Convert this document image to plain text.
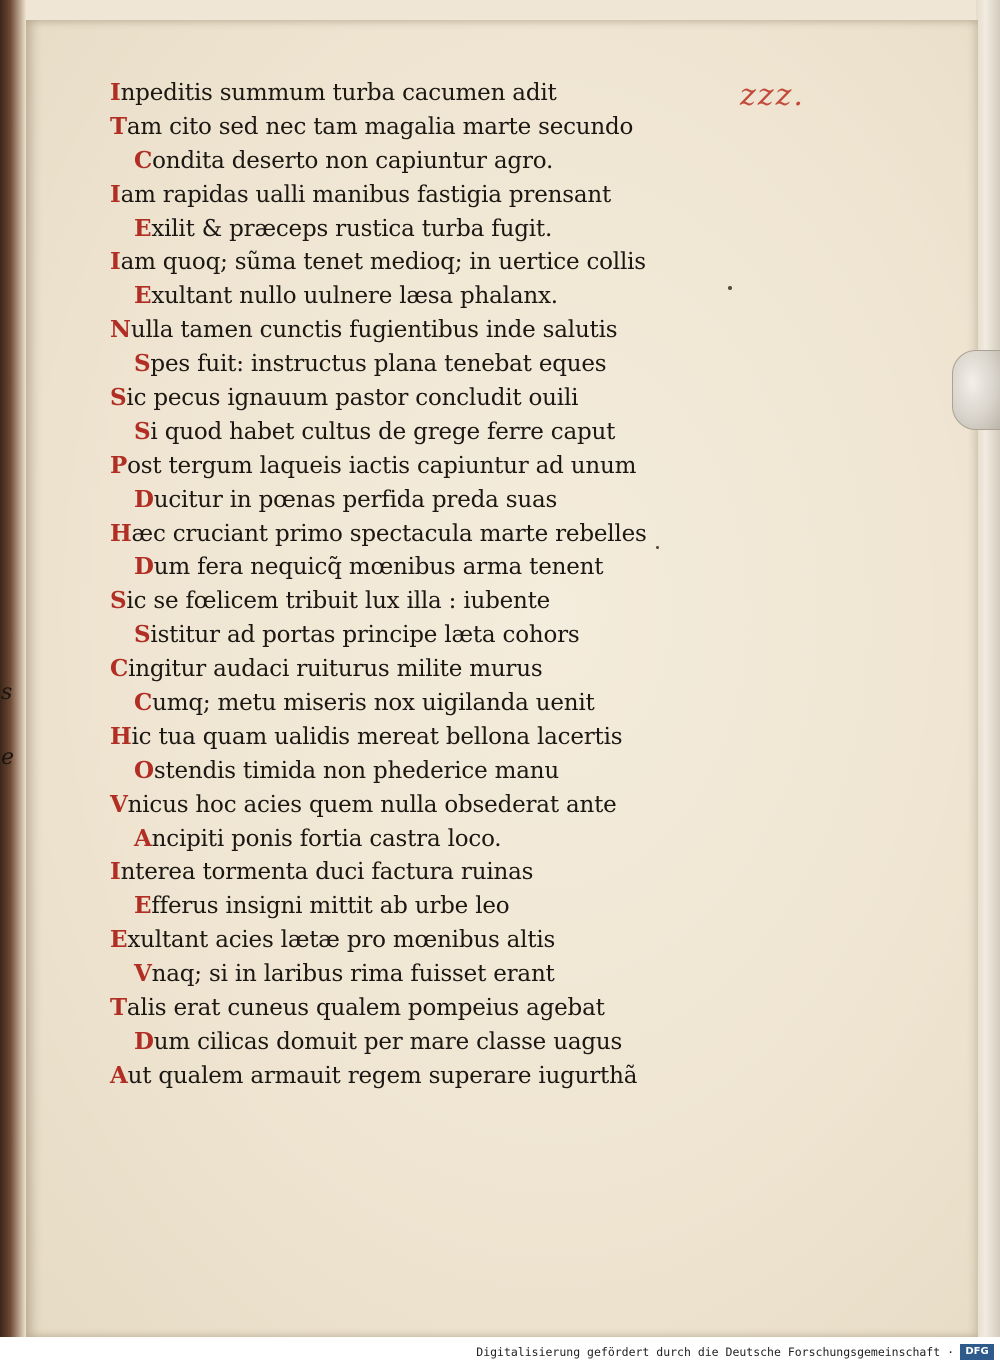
s
e
zzz.
Inpeditis summum turba cacumen adit
Tam cito sed nec tam magalia marte secundo
Condita deserto non capiuntur agro.
Iam rapidas ualli manibus fastigia prensant
Exilit & præceps rustica turba fugit.
Iam quoq; sũma tenet medioq; in uertice collis
Exultant nullo uulnere læsa phalanx.
Nulla tamen cunctis fugientibus inde salutis
Spes fuit: instructus plana tenebat eques
Sic pecus ignauum pastor concludit ouili
Si quod habet cultus de grege ferre caput
Post tergum laqueis iactis capiuntur ad unum
Ducitur in pœnas perfida preda suas
Hæc cruciant primo spectacula marte rebelles
Dum fera nequicq̃ mœnibus arma tenent
Sic se fœlicem tribuit lux illa : iubente
Sistitur ad portas principe læta cohors
Cingitur audaci ruiturus milite murus
Cumq; metu miseris nox uigilanda uenit
Hic tua quam ualidis mereat bellona lacertis
Ostendis timida non phederice manu
Vnicus hoc acies quem nulla obsederat ante
Ancipiti ponis fortia castra loco.
Interea tormenta duci factura ruinas
Efferus insigni mittit ab urbe leo
Exultant acies lætæ pro mœnibus altis
Vnaq; si in laribus rima fuisset erant
Talis erat cuneus qualem pompeius agebat
Dum cilicas domuit per mare classe uagus
Aut qualem armauit regem superare iugurthã
Digitalisierung gefördert durch die Deutsche Forschungsgemeinschaft ·	DFG
